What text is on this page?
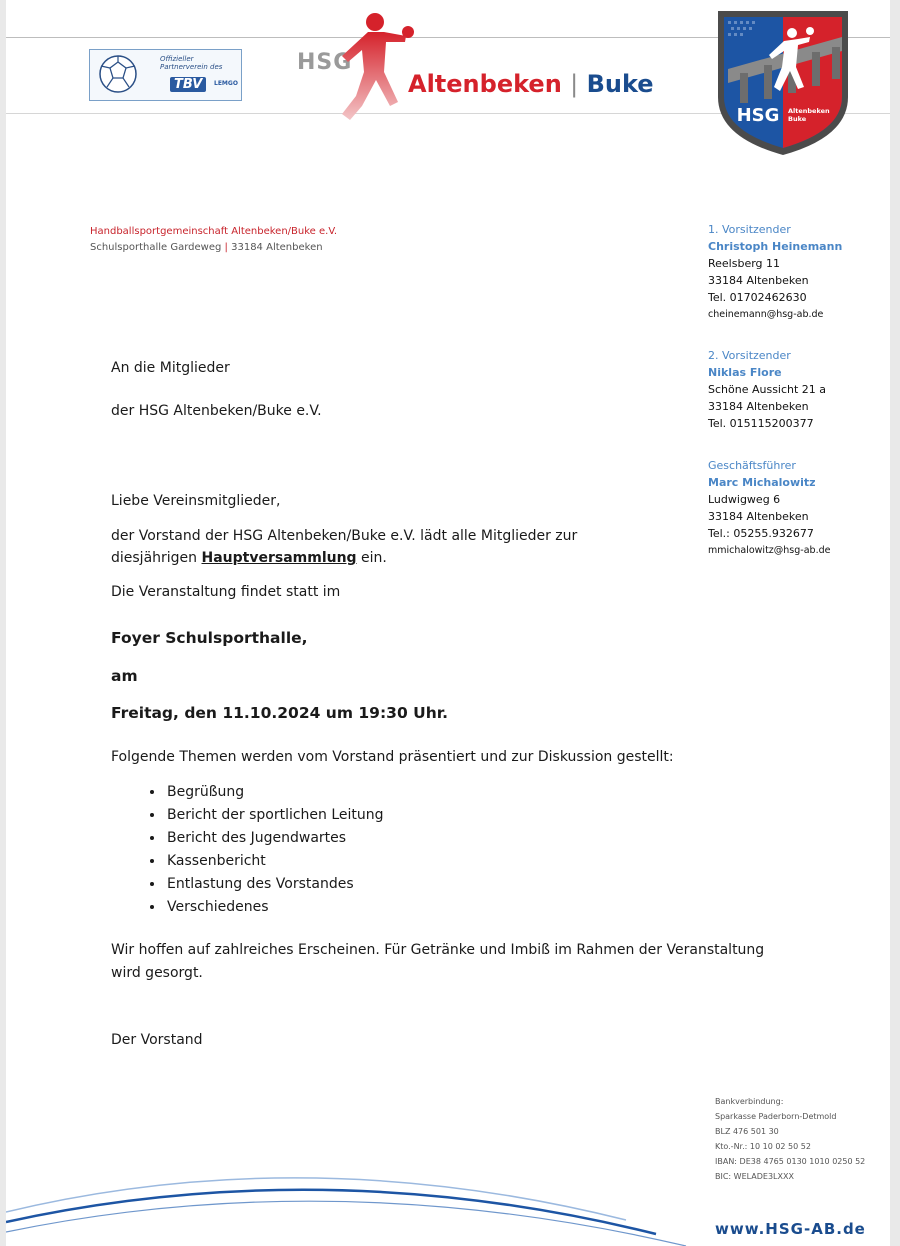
Offizieller
Partnerverein des
TBV	LEMGO
HSG
Altenbeken | Buke
HSG Altenbeken
Buke
Handballsportgemeinschaft Altenbeken/Buke e.V.
Schulsporthalle Gardeweg | 33184 Altenbeken
1. Vorsitzender
Christoph Heinemann
Reelsberg 11
33184 Altenbeken
Tel. 01702462630
cheinemann@hsg-ab.de
2. Vorsitzender
Niklas Flore
Schöne Aussicht 21 a
33184 Altenbeken
Tel. 015115200377
Geschäftsführer
Marc Michalowitz
Ludwigweg 6
33184 Altenbeken
Tel.: 05255.932677
mmichalowitz@hsg-ab.de
An die Mitglieder
der HSG Altenbeken/Buke e.V.
Liebe Vereinsmitglieder,
der Vorstand der HSG Altenbeken/Buke e.V. lädt alle Mitglieder zur
diesjährigen Hauptversammlung ein.
Die Veranstaltung findet statt im
Foyer Schulsporthalle,
am
Freitag, den 11.10.2024 um 19:30 Uhr.
Folgende Themen werden vom Vorstand präsentiert und zur Diskussion gestellt:
• Begrüßung
• Bericht der sportlichen Leitung
• Bericht des Jugendwartes
• Kassenbericht
• Entlastung des Vorstandes
• Verschiedenes
Wir hoffen auf zahlreiches Erscheinen. Für Getränke und Imbiß im Rahmen der Veranstaltung
wird gesorgt.
Der Vorstand
Bankverbindung:
Sparkasse Paderborn-Detmold
BLZ 476 501 30
Kto.-Nr.: 10 10 02 50 52
IBAN: DE38 4765 0130 1010 0250 52
BIC: WELADE3LXXX
www.HSG-AB.de
